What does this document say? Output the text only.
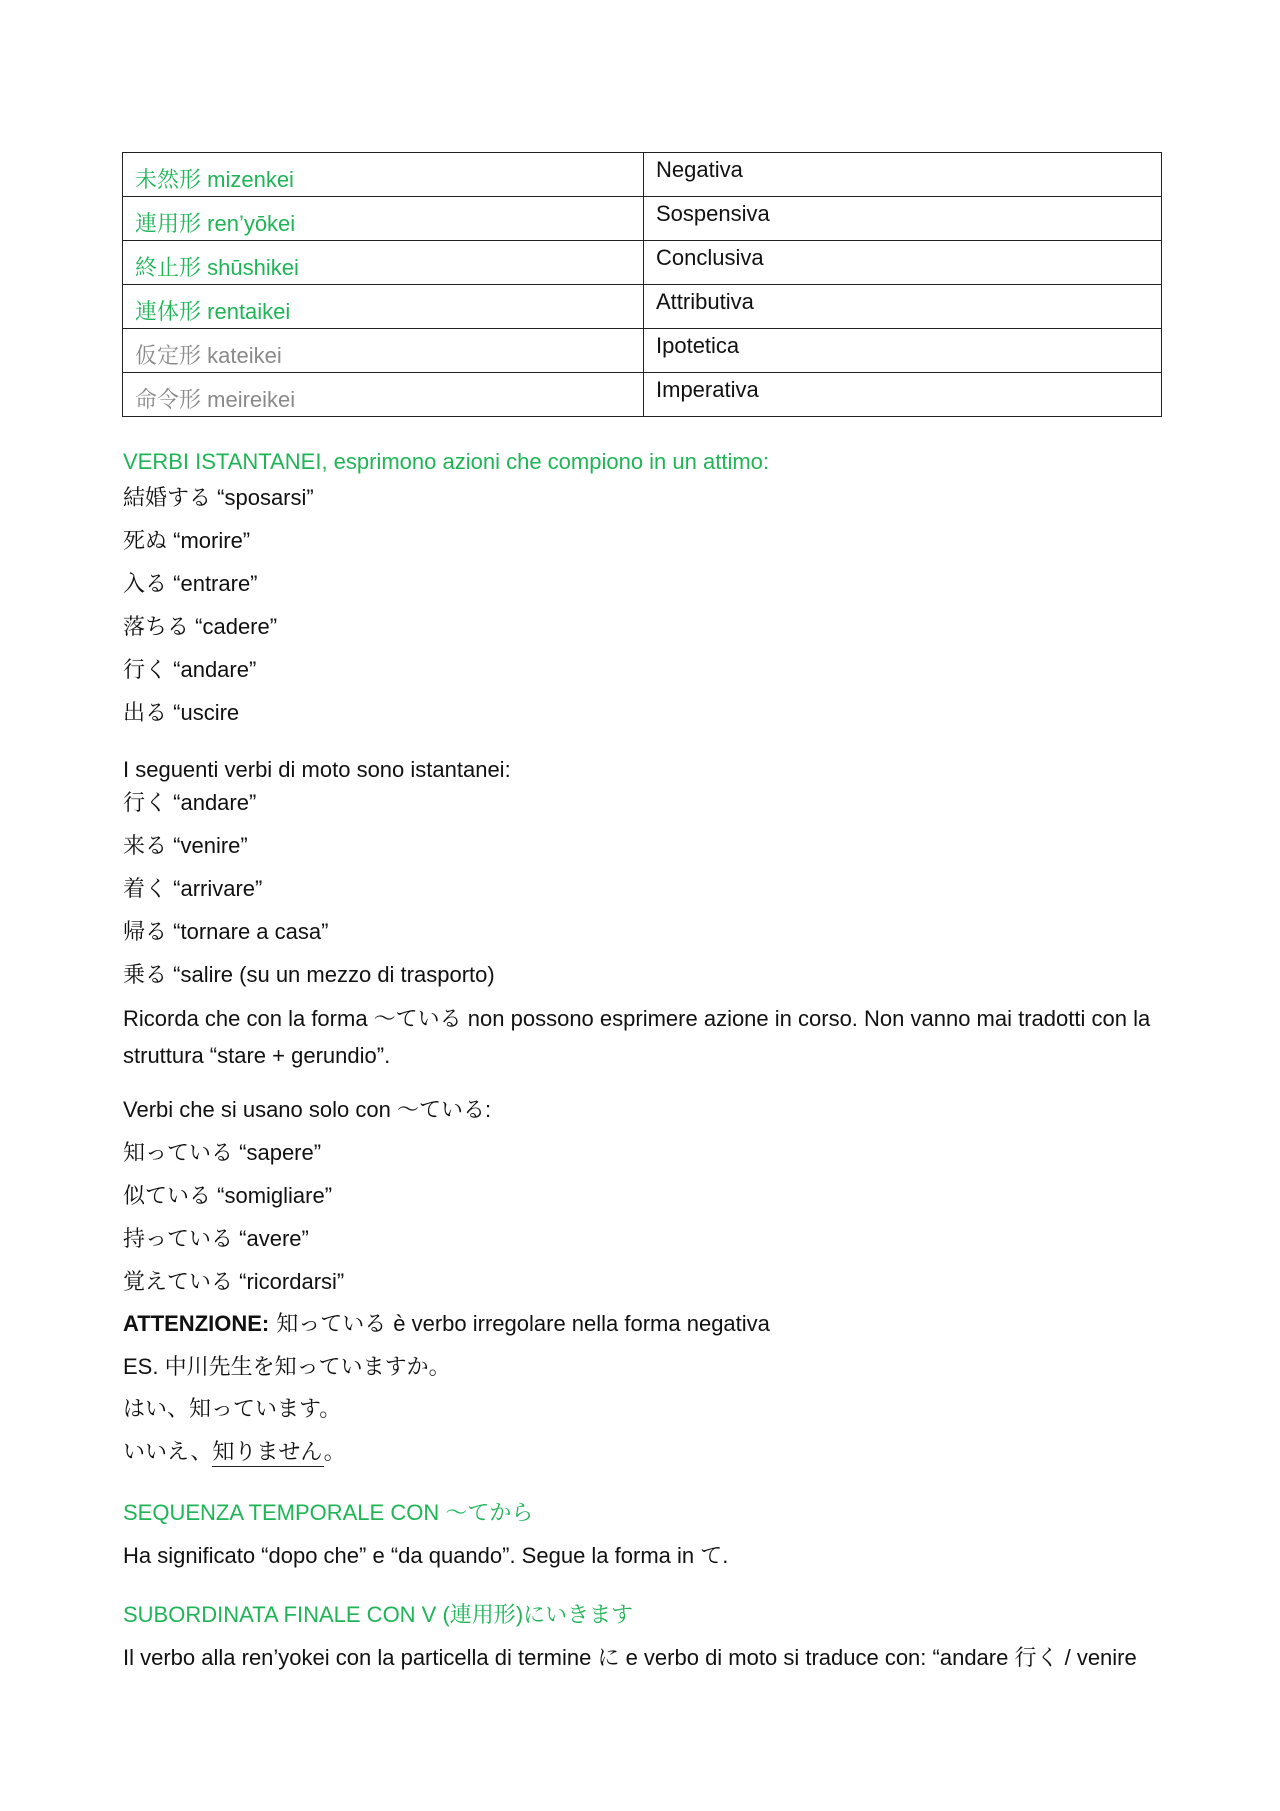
未然形 mizenkei	Negativa
連用形 ren’yōkei	Sospensiva
終止形 shūshikei	Conclusiva
連体形 rentaikei	Attributiva
仮定形 kateikei	Ipotetica
命令形 meireikei	Imperativa
VERBI ISTANTANEI, esprimono azioni che compiono in un attimo:
結婚する “sposarsi”
死ぬ “morire”
入る “entrare”
落ちる “cadere”
行く “andare”
出る “uscire
I seguenti verbi di moto sono istantanei:
行く “andare”
来る “venire”
着く “arrivare”
帰る “tornare a casa”
乗る “salire (su un mezzo di trasporto)
Ricorda che con la forma ～ている non possono esprimere azione in corso. Non vanno mai tradotti con la
struttura “stare + gerundio”.
Verbi che si usano solo con ～ている:
知っている “sapere”
似ている “somigliare”
持っている “avere”
覚えている “ricordarsi”
ATTENZIONE: 知っている è verbo irregolare nella forma negativa
ES. 中川先生を知っていますか。
はい、知っています。
いいえ、知りません。
SEQUENZA TEMPORALE CON ～てから
Ha significato “dopo che” e “da quando”. Segue la forma in て.
SUBORDINATA FINALE CON V (連用形)にいきます
Il verbo alla ren’yokei con la particella di termine に e verbo di moto si traduce con: “andare 行く / venire
